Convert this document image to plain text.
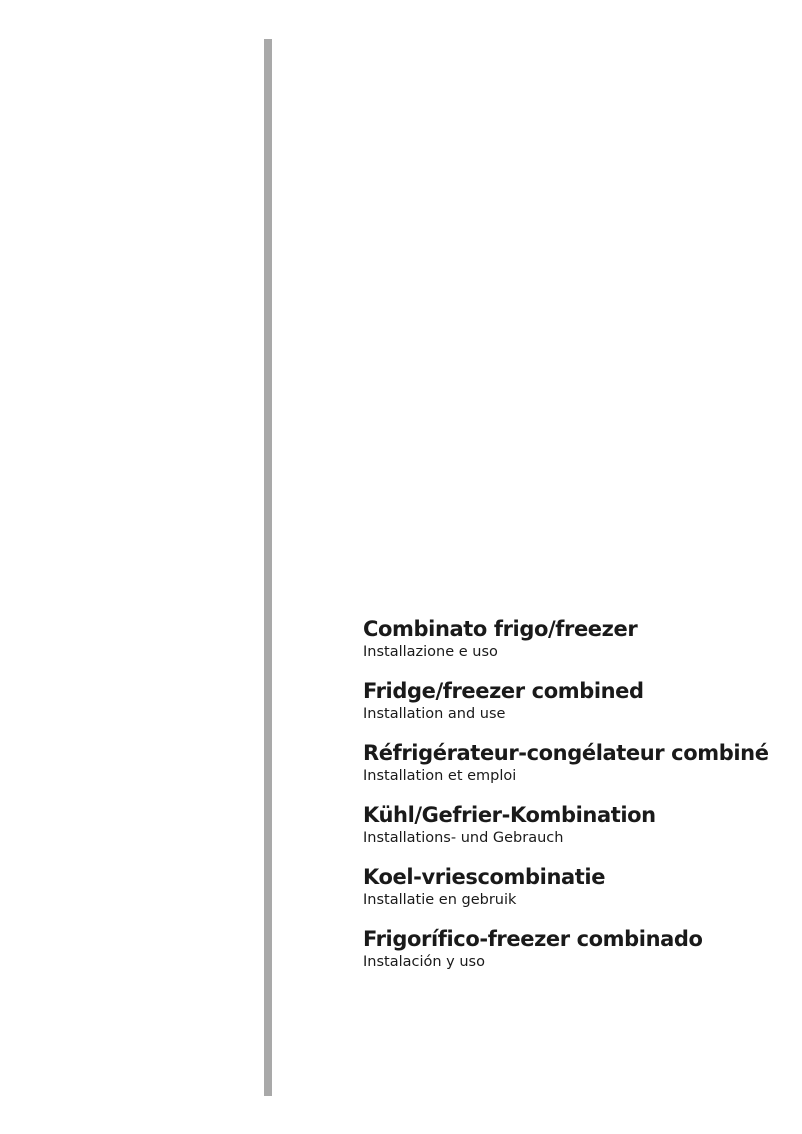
Combinato frigo/freezer
Installazione e uso
Fridge/freezer combined
Installation and use
Réfrigérateur-congélateur combiné
Installation et emploi
Kühl/Gefrier-Kombination
Installations- und Gebrauch
Koel-vriescombinatie
Installatie en gebruik
Frigorífico-freezer combinado
Instalación y uso
